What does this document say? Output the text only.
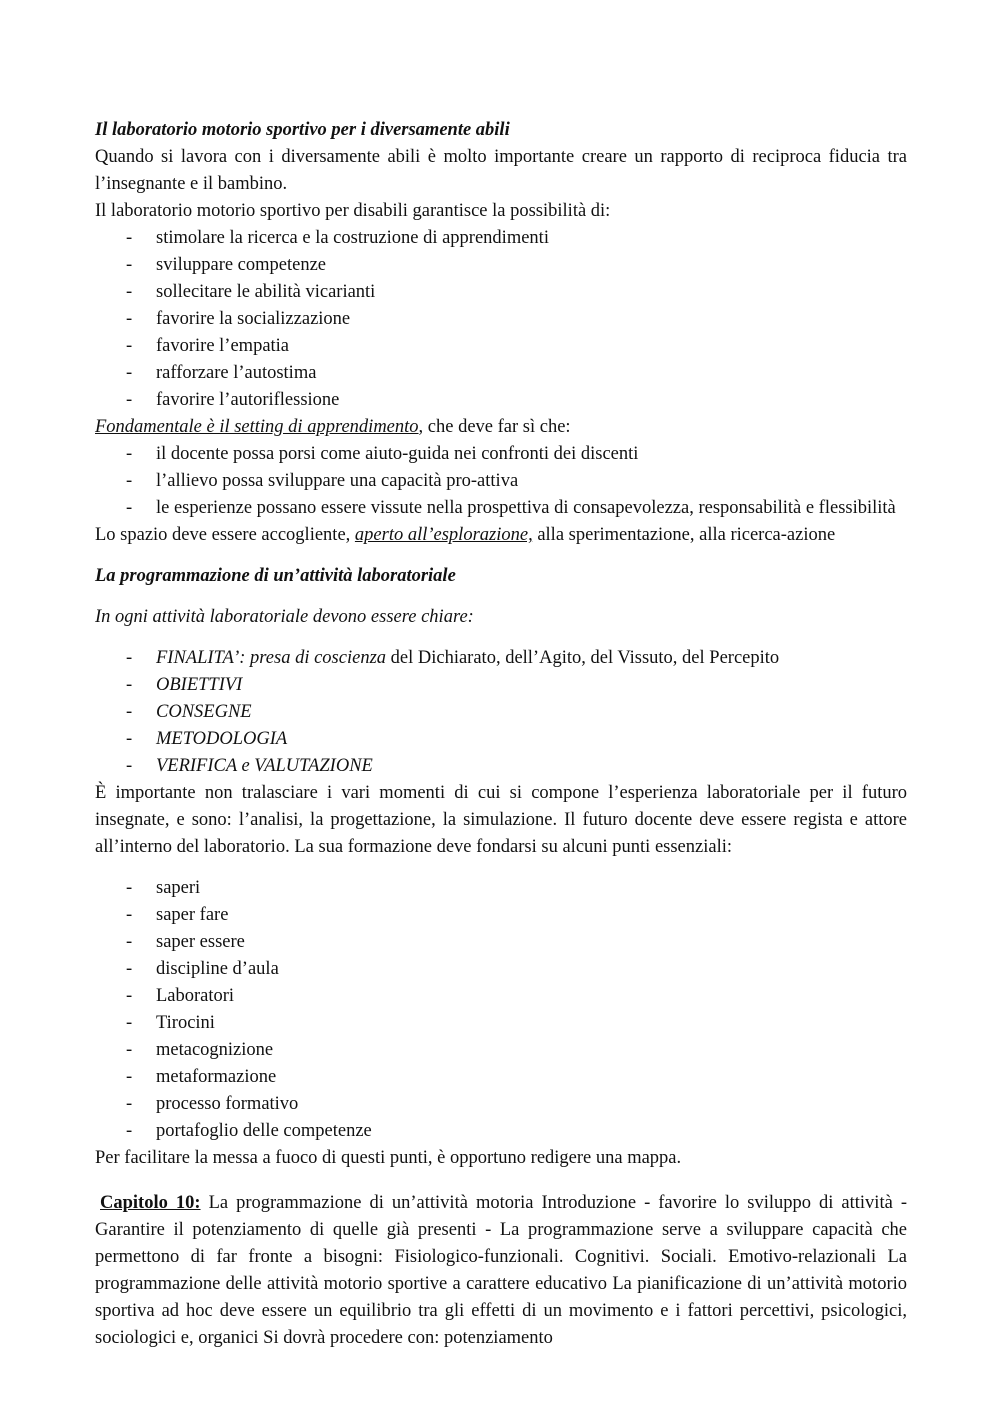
Il laboratorio motorio sportivo per i diversamente abili

Quando si lavora con i diversamente abili è molto importante creare un rapporto di reciproca fiducia tra l’insegnante e il bambino.

Il laboratorio motorio sportivo per disabili garantisce la possibilità di:

- stimolare la ricerca e la costruzione di apprendimenti
- sviluppare competenze
- sollecitare le abilità vicarianti
- favorire la socializzazione
- favorire l’empatia
- rafforzare l’autostima
- favorire l’autoriflessione

Fondamentale è il setting di apprendimento, che deve far sì che:

- il docente possa porsi come aiuto-guida nei confronti dei discenti
- l’allievo possa sviluppare una capacità pro-attiva
- le esperienze possano essere vissute nella prospettiva di consapevolezza, responsabilità e flessibilità

Lo spazio deve essere accogliente, aperto all’esplorazione, alla sperimentazione, alla ricerca-azione

La programmazione di un’attività laboratoriale

In ogni attività laboratoriale devono essere chiare:

- FINALITA’: presa di coscienza del Dichiarato, dell’Agito, del Vissuto, del Percepito
- OBIETTIVI
- CONSEGNE
- METODOLOGIA
- VERIFICA e VALUTAZIONE

È importante non tralasciare i vari momenti di cui si compone l’esperienza laboratoriale per il futuro insegnate, e sono: l’analisi, la progettazione, la simulazione. Il futuro docente deve essere regista e attore all’interno del laboratorio. La sua formazione deve fondarsi su alcuni punti essenziali:

- saperi
- saper fare
- saper essere
- discipline d’aula
- Laboratori
- Tirocini
- metacognizione
- metaformazione
- processo formativo
- portafoglio delle competenze

Per facilitare la messa a fuoco di questi punti, è opportuno redigere una mappa.

Capitolo 10: La programmazione di un’attività motoria Introduzione - favorire lo sviluppo di attività - Garantire il potenziamento di quelle già presenti - La programmazione serve a sviluppare capacità che permettono di far fronte a bisogni: Fisiologico-funzionali. Cognitivi. Sociali. Emotivo-relazionali La programmazione delle attività motorio sportive a carattere educativo La pianificazione di un’attività motorio sportiva ad hoc deve essere un equilibrio tra gli effetti di un movimento e i fattori percettivi, psicologici, sociologici e, organici Si dovrà procedere con: potenziamento
